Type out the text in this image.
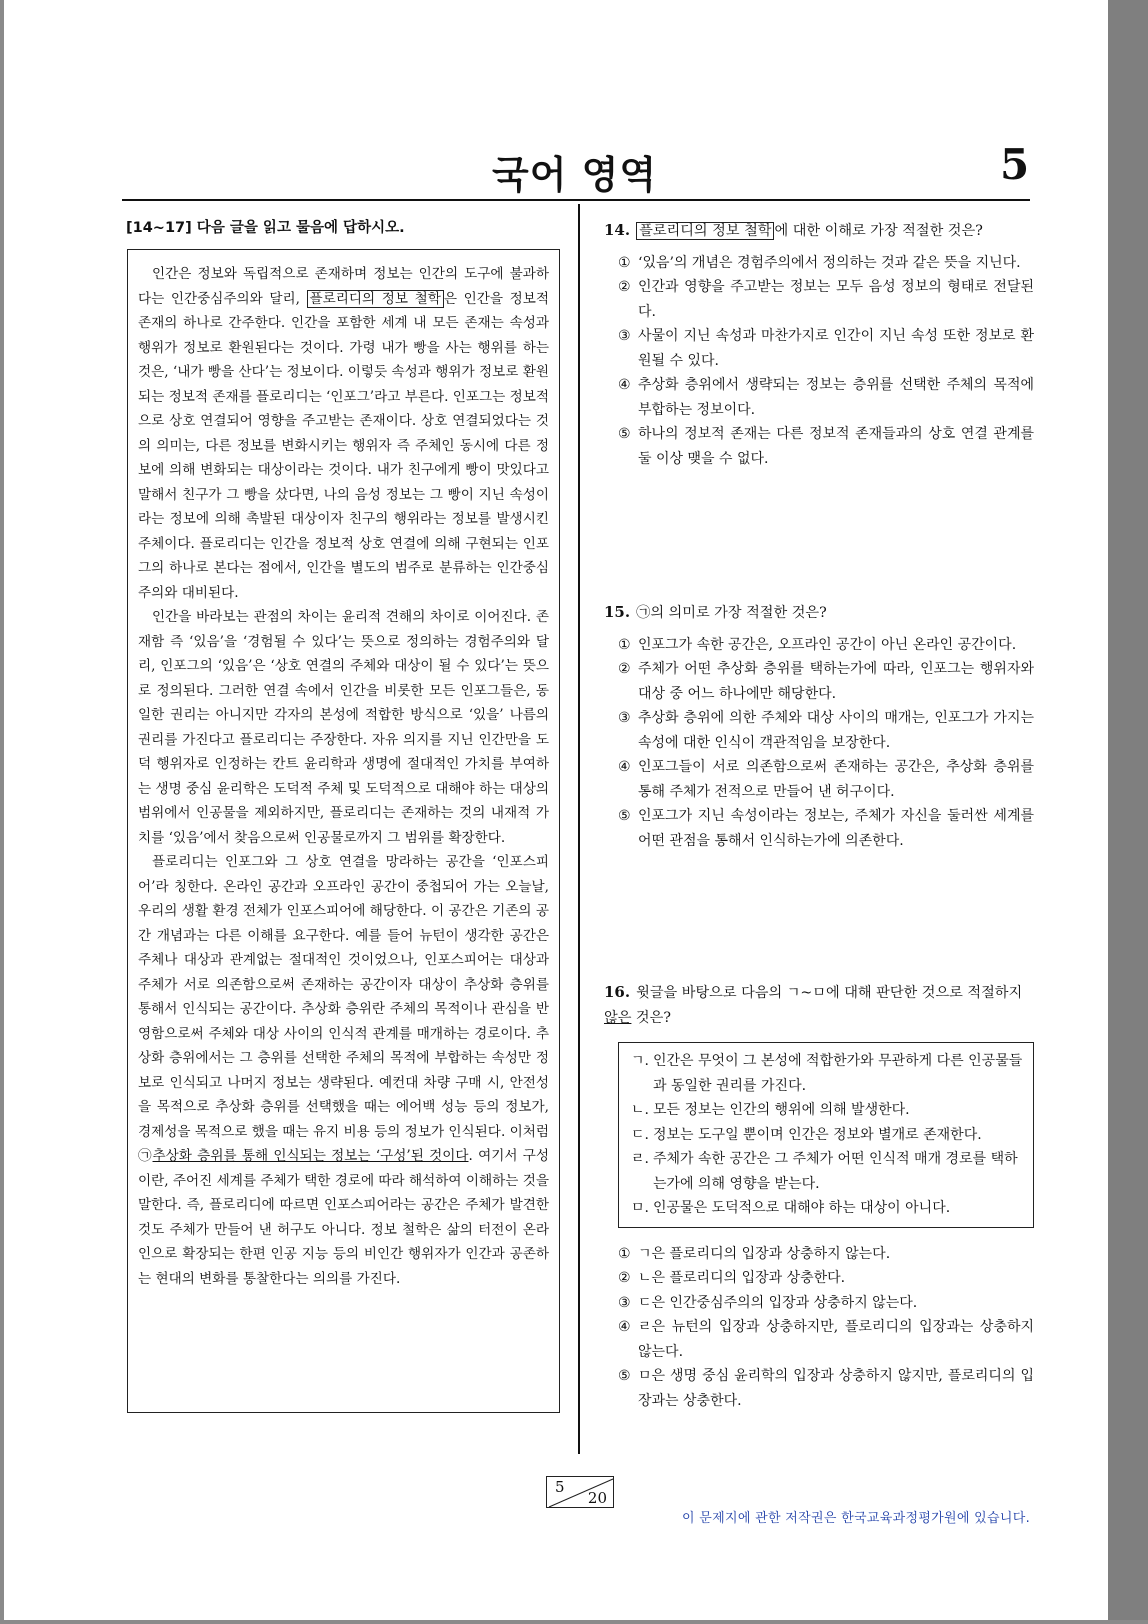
국어 영역	5
[14~17] 다음 글을 읽고 물음에 답하시오.

인간은 정보와 독립적으로 존재하며 정보는 인간의 도구에 불과하다는 인간중심주의와 달리, 플로리디의 정보 철학 은 인간을 정보적 존재의 하나로 간주한다. 인간을 포함한 세계 내 모든 존재는 속성과 행위가 정보로 환원된다는 것이다. 가령 내가 빵을 사는 행위를 하는 것은, ‘내가 빵을 산다’는 정보이다. 이렇듯 속성과 행위가 정보로 환원되는 정보적 존재를 플로리디는 ‘인포그’라고 부른다. 인포그는 정보적으로 상호 연결되어 영향을 주고받는 존재이다. 상호 연결되었다는 것의 의미는, 다른 정보를 변화시키는 행위자 즉 주체인 동시에 다른 정보에 의해 변화되는 대상이라는 것이다. 내가 친구에게 빵이 맛있다고 말해서 친구가 그 빵을 샀다면, 나의 음성 정보는 그 빵이 지닌 속성이라는 정보에 의해 촉발된 대상이자 친구의 행위라는 정보를 발생시킨 주체이다. 플로리디는 인간을 정보적 상호 연결에 의해 구현되는 인포그의 하나로 본다는 점에서, 인간을 별도의 범주로 분류하는 인간중심주의와 대비된다.

인간을 바라보는 관점의 차이는 윤리적 견해의 차이로 이어진다. 존재함 즉 ‘있음’을 ‘경험될 수 있다’는 뜻으로 정의하는 경험주의와 달리, 인포그의 ‘있음’은 ‘상호 연결의 주체와 대상이 될 수 있다’는 뜻으로 정의된다. 그러한 연결 속에서 인간을 비롯한 모든 인포그들은, 동일한 권리는 아니지만 각자의 본성에 적합한 방식으로 ‘있을’ 나름의 권리를 가진다고 플로리디는 주장한다. 자유 의지를 지닌 인간만을 도덕 행위자로 인정하는 칸트 윤리학과 생명에 절대적인 가치를 부여하는 생명 중심 윤리학은 도덕적 주체 및 도덕적으로 대해야 하는 대상의 범위에서 인공물을 제외하지만, 플로리디는 존재하는 것의 내재적 가치를 ‘있음’에서 찾음으로써 인공물로까지 그 범위를 확장한다.

플로리디는 인포그와 그 상호 연결을 망라하는 공간을 ‘인포스피어’라 칭한다. 온라인 공간과 오프라인 공간이 중첩되어 가는 오늘날, 우리의 생활 환경 전체가 인포스피어에 해당한다. 이 공간은 기존의 공간 개념과는 다른 이해를 요구한다. 예를 들어 뉴턴이 생각한 공간은 주체나 대상과 관계없는 절대적인 것이었으나, 인포스피어는 대상과 주체가 서로 의존함으로써 존재하는 공간이자 대상이 추상화 층위를 통해서 인식되는 공간이다. 추상화 층위란 주체의 목적이나 관심을 반영함으로써 주체와 대상 사이의 인식적 관계를 매개하는 경로이다. 추상화 층위에서는 그 층위를 선택한 주체의 목적에 부합하는 속성만 정보로 인식되고 나머지 정보는 생략된다. 예컨대 차량 구매 시, 안전성을 목적으로 추상화 층위를 선택했을 때는 에어백 성능 등의 정보가, 경제성을 목적으로 했을 때는 유지 비용 등의 정보가 인식된다. 이처럼 ㉠추상화 층위를 통해 인식되는 정보는 ‘구성’된 것이다. 여기서 구성이란, 주어진 세계를 주체가 택한 경로에 따라 해석하여 이해하는 것을 말한다. 즉, 플로리디에 따르면 인포스피어라는 공간은 주체가 발견한 것도 주체가 만들어 낸 허구도 아니다. 정보 철학은 삶의 터전이 온라인으로 확장되는 한편 인공 지능 등의 비인간 행위자가 인간과 공존하는 현대의 변화를 통찰한다는 의의를 가진다.

14. 플로리디의 정보 철학 에 대한 이해로 가장 적절한 것은?
① ‘있음’의 개념은 경험주의에서 정의하는 것과 같은 뜻을 지닌다.
② 인간과 영향을 주고받는 정보는 모두 음성 정보의 형태로 전달된다.
③ 사물이 지닌 속성과 마찬가지로 인간이 지닌 속성 또한 정보로 환원될 수 있다.
④ 추상화 층위에서 생략되는 정보는 층위를 선택한 주체의 목적에 부합하는 정보이다.
⑤ 하나의 정보적 존재는 다른 정보적 존재들과의 상호 연결 관계를 둘 이상 맺을 수 없다.
15. ㉠의 의미로 가장 적절한 것은?
① 인포그가 속한 공간은, 오프라인 공간이 아닌 온라인 공간이다.
② 주체가 어떤 추상화 층위를 택하는가에 따라, 인포그는 행위자와 대상 중 어느 하나에만 해당한다.
③ 추상화 층위에 의한 주체와 대상 사이의 매개는, 인포그가 가지는 속성에 대한 인식이 객관적임을 보장한다.
④ 인포그들이 서로 의존함으로써 존재하는 공간은, 추상화 층위를 통해 주체가 전적으로 만들어 낸 허구이다.
⑤ 인포그가 지닌 속성이라는 정보는, 주체가 자신을 둘러싼 세계를 어떤 관점을 통해서 인식하는가에 의존한다.
16. 윗글을 바탕으로 다음의 ㄱ~ㅁ에 대해 판단한 것으로 적절하지 않은 것은?
ㄱ. 인간은 무엇이 그 본성에 적합한가와 무관하게 다른 인공물들과 동일한 권리를 가진다.
ㄴ. 모든 정보는 인간의 행위에 의해 발생한다.
ㄷ. 정보는 도구일 뿐이며 인간은 정보와 별개로 존재한다.
ㄹ. 주체가 속한 공간은 그 주체가 어떤 인식적 매개 경로를 택하는가에 의해 영향을 받는다.
ㅁ. 인공물은 도덕적으로 대해야 하는 대상이 아니다.
① ㄱ은 플로리디의 입장과 상충하지 않는다.
② ㄴ은 플로리디의 입장과 상충한다.
③ ㄷ은 인간중심주의의 입장과 상충하지 않는다.
④ ㄹ은 뉴턴의 입장과 상충하지만, 플로리디의 입장과는 상충하지 않는다.
⑤ ㅁ은 생명 중심 윤리학의 입장과 상충하지 않지만, 플로리디의 입장과는 상충한다.
5
20
이 문제지에 관한 저작권은 한국교육과정평가원에 있습니다.
